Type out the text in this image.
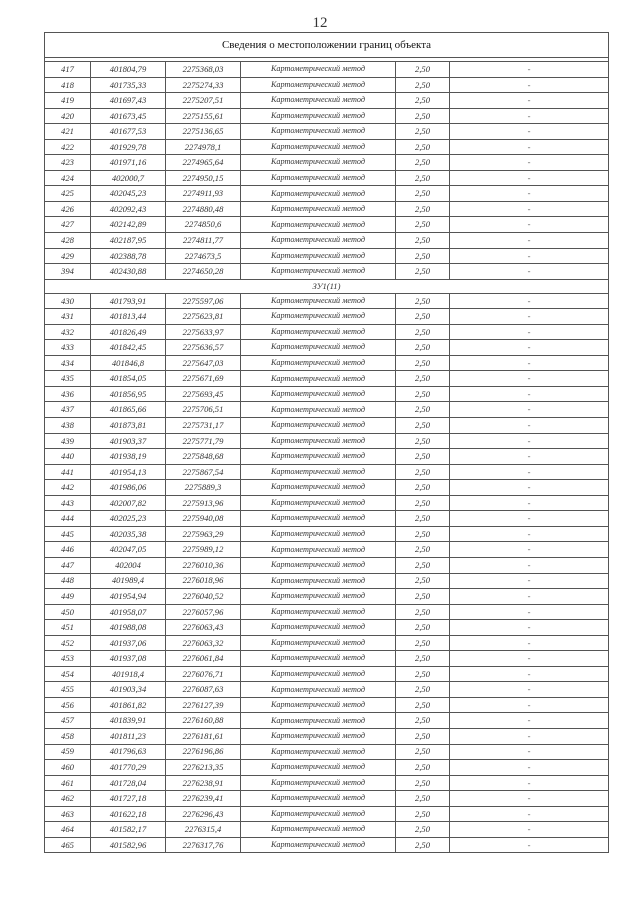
12
Сведения о местоположении границ объекта					

417	401804,79	2275368,03	Картометрический метод	2,50	-
418	401735,33	2275274,33	Картометрический метод	2,50	-
419	401697,43	2275207,51	Картометрический метод	2,50	-
420	401673,45	2275155,61	Картометрический метод	2,50	-
421	401677,53	2275136,65	Картометрический метод	2,50	-
422	401929,78	2274978,1	Картометрический метод	2,50	-
423	401971,16	2274965,64	Картометрический метод	2,50	-
424	402000,7	2274950,15	Картометрический метод	2,50	-
425	402045,23	2274911,93	Картометрический метод	2,50	-
426	402092,43	2274880,48	Картометрический метод	2,50	-
427	402142,89	2274850,6	Картометрический метод	2,50	-
428	402187,95	2274811,77	Картометрический метод	2,50	-
429	402388,78	2274673,5	Картометрический метод	2,50	-
394	402430,88	2274650,28	Картометрический метод	2,50	-
ЗУ1(11)					
430	401793,91	2275597,06	Картометрический метод	2,50	-
431	401813,44	2275623,81	Картометрический метод	2,50	-
432	401826,49	2275633,97	Картометрический метод	2,50	-
433	401842,45	2275636,57	Картометрический метод	2,50	-
434	401846,8	2275647,03	Картометрический метод	2,50	-
435	401854,05	2275671,69	Картометрический метод	2,50	-
436	401856,95	2275693,45	Картометрический метод	2,50	-
437	401865,66	2275706,51	Картометрический метод	2,50	-
438	401873,81	2275731,17	Картометрический метод	2,50	-
439	401903,37	2275771,79	Картометрический метод	2,50	-
440	401938,19	2275848,68	Картометрический метод	2,50	-
441	401954,13	2275867,54	Картометрический метод	2,50	-
442	401986,06	2275889,3	Картометрический метод	2,50	-
443	402007,82	2275913,96	Картометрический метод	2,50	-
444	402025,23	2275940,08	Картометрический метод	2,50	-
445	402035,38	2275963,29	Картометрический метод	2,50	-
446	402047,05	2275989,12	Картометрический метод	2,50	-
447	402004	2276010,36	Картометрический метод	2,50	-
448	401989,4	2276018,96	Картометрический метод	2,50	-
449	401954,94	2276040,52	Картометрический метод	2,50	-
450	401958,07	2276057,96	Картометрический метод	2,50	-
451	401988,08	2276063,43	Картометрический метод	2,50	-
452	401937,06	2276063,32	Картометрический метод	2,50	-
453	401937,08	2276061,84	Картометрический метод	2,50	-
454	401918,4	2276076,71	Картометрический метод	2,50	-
455	401903,34	2276087,63	Картометрический метод	2,50	-
456	401861,82	2276127,39	Картометрический метод	2,50	-
457	401839,91	2276160,88	Картометрический метод	2,50	-
458	401811,23	2276181,61	Картометрический метод	2,50	-
459	401796,63	2276196,86	Картометрический метод	2,50	-
460	401770,29	2276213,35	Картометрический метод	2,50	-
461	401728,04	2276238,91	Картометрический метод	2,50	-
462	401727,18	2276239,41	Картометрический метод	2,50	-
463	401622,18	2276296,43	Картометрический метод	2,50	-
464	401582,17	2276315,4	Картометрический метод	2,50	-
465	401582,96	2276317,76	Картометрический метод	2,50	-
